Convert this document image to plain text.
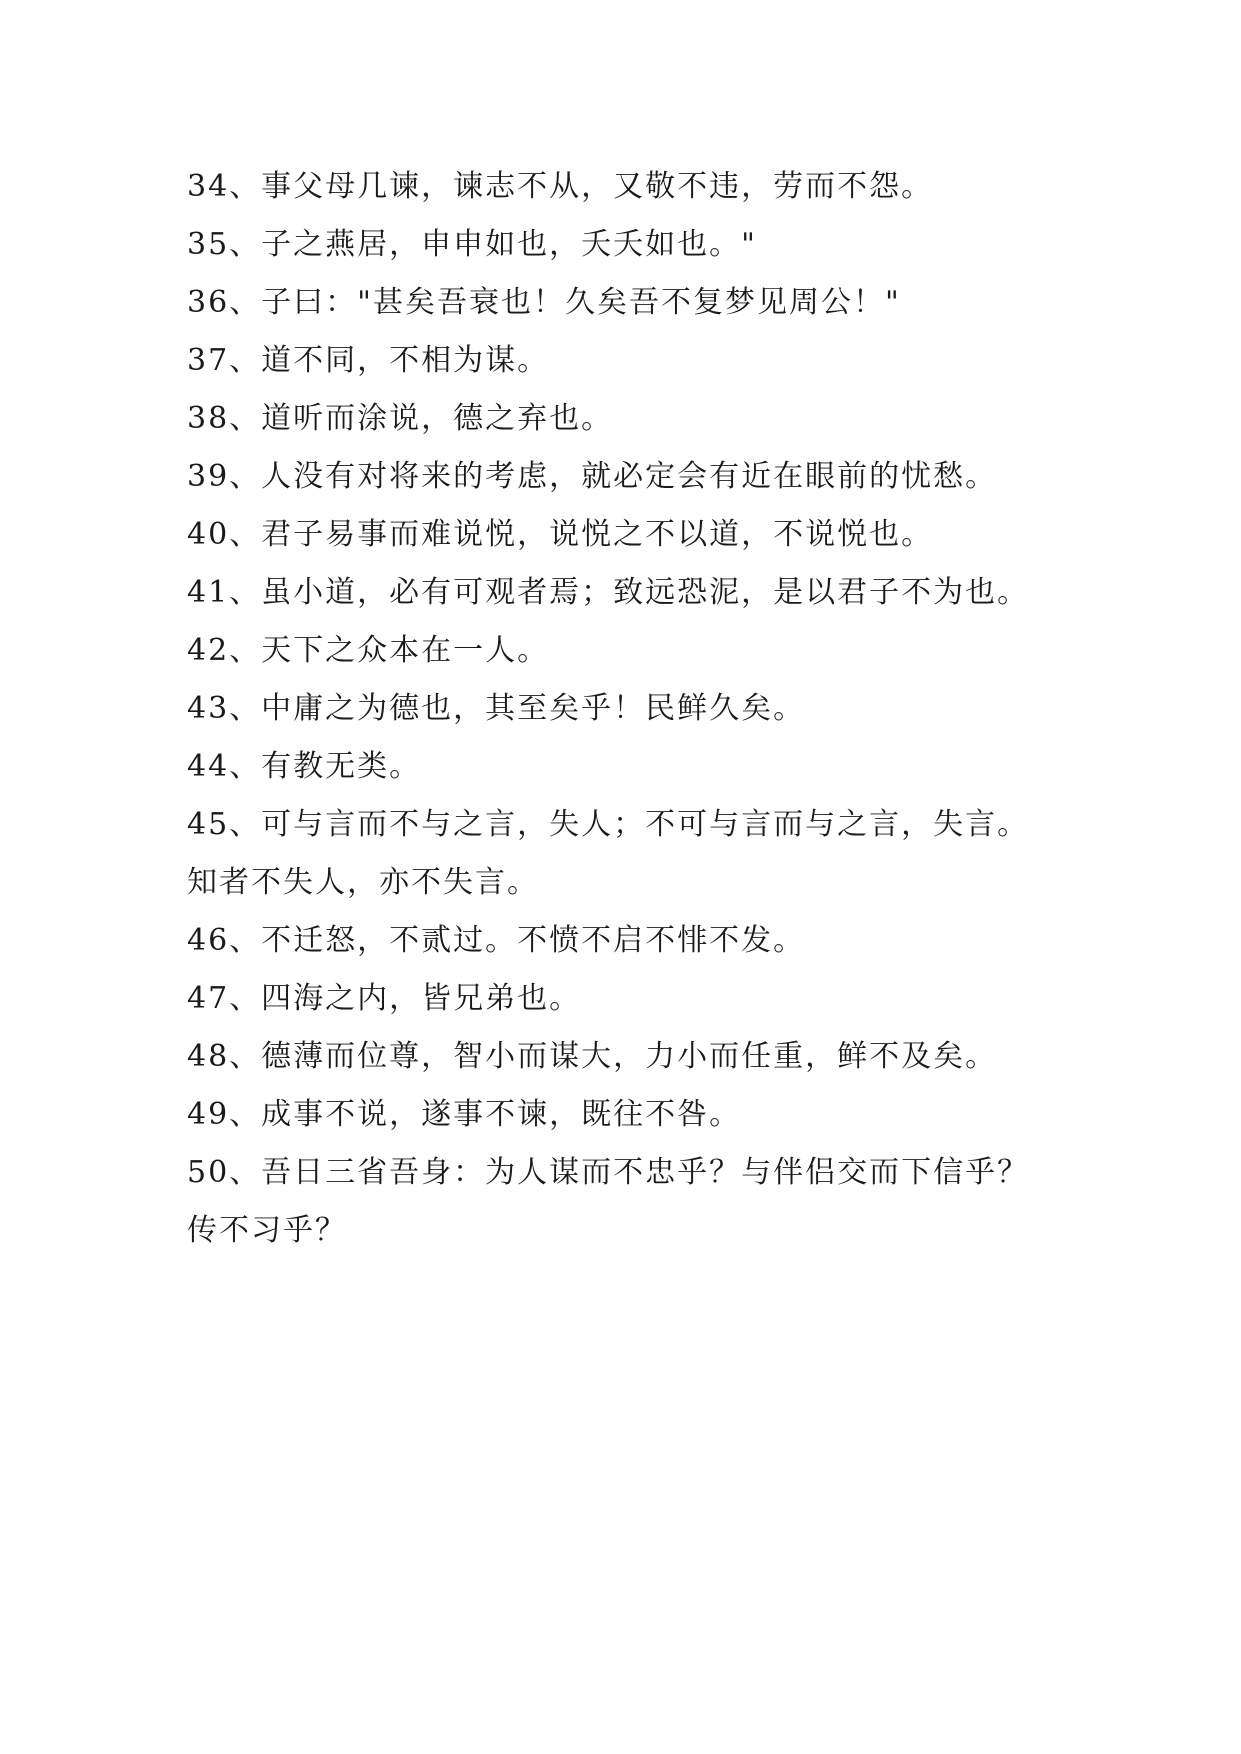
34、事父母几谏，谏志不从，又敬不违，劳而不怨。
35、子之燕居，申申如也，夭夭如也。"
36、子曰："甚矣吾衰也！久矣吾不复梦见周公！"
37、道不同，不相为谋。
38、道听而涂说，德之弃也。
39、人没有对将来的考虑，就必定会有近在眼前的忧愁。
40、君子易事而难说悦，说悦之不以道，不说悦也。
41、虽小道，必有可观者焉；致远恐泥，是以君子不为也。
42、天下之众本在一人。
43、中庸之为德也，其至矣乎！民鲜久矣。
44、有教无类。
45、可与言而不与之言，失人；不可与言而与之言，失言。
知者不失人，亦不失言。
46、不迁怒，不贰过。不愤不启不悱不发。
47、四海之内，皆兄弟也。
48、德薄而位尊，智小而谋大，力小而任重，鲜不及矣。
49、成事不说，遂事不谏，既往不咎。
50、吾日三省吾身：为人谋而不忠乎？与伴侣交而下信乎？
传不习乎？
